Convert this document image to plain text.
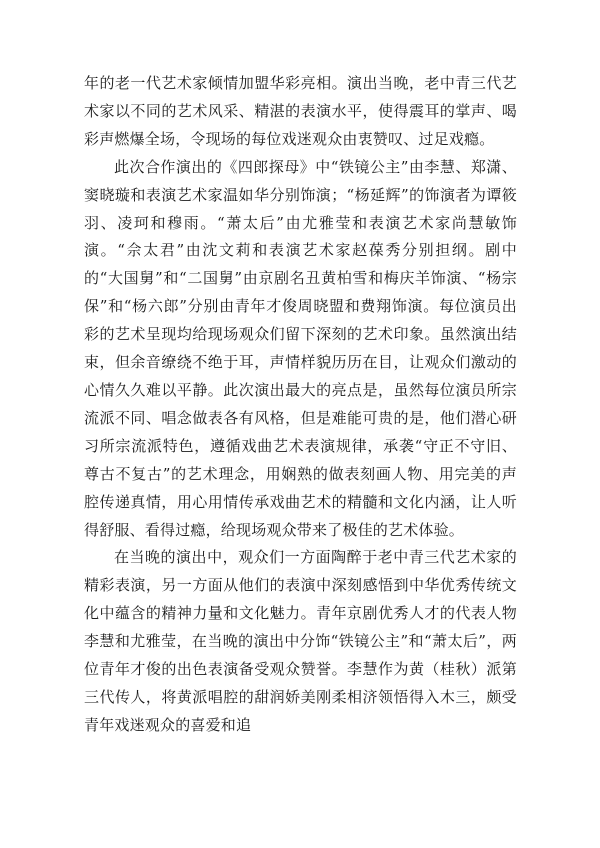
年的老一代艺术家倾情加盟华彩亮相。演出当晚，老中青三代艺术家以不同的艺术风采、精湛的表演水平，使得震耳的掌声、喝彩声燃爆全场，令现场的每位戏迷观众由衷赞叹、过足戏瘾。

此次合作演出的《四郎探母》中“铁镜公主”由李慧、郑潇、窦晓璇和表演艺术家温如华分别饰演；“杨延辉”的饰演者为谭筱羽、凌珂和穆雨。“萧太后”由尤雅莹和表演艺术家尚慧敏饰演。“佘太君”由沈文莉和表演艺术家赵葆秀分别担纲。剧中的“大国舅”和“二国舅”由京剧名丑黄柏雪和梅庆羊饰演、“杨宗保”和“杨六郎”分别由青年才俊周晓盟和费翔饰演。每位演员出彩的艺术呈现均给现场观众们留下深刻的艺术印象。虽然演出结束，但余音缭绕不绝于耳，声情样貌历历在目，让观众们激动的心情久久难以平静。此次演出最大的亮点是，虽然每位演员所宗流派不同、唱念做表各有风格，但是难能可贵的是，他们潜心研习所宗流派特色，遵循戏曲艺术表演规律，承袭“守正不守旧、尊古不复古”的艺术理念，用娴熟的做表刻画人物、用完美的声腔传递真情，用心用情传承戏曲艺术的精髓和文化内涵，让人听得舒服、看得过瘾，给现场观众带来了极佳的艺术体验。

在当晚的演出中，观众们一方面陶醉于老中青三代艺术家的精彩表演，另一方面从他们的表演中深刻感悟到中华优秀传统文化中蕴含的精神力量和文化魅力。青年京剧优秀人才的代表人物李慧和尤雅莹，在当晚的演出中分饰“铁镜公主”和“萧太后”，两位青年才俊的出色表演备受观众赞誉。李慧作为黄（桂秋）派第三代传人，将黄派唱腔的甜润娇美刚柔相济领悟得入木三，颇受青年戏迷观众的喜爱和追
